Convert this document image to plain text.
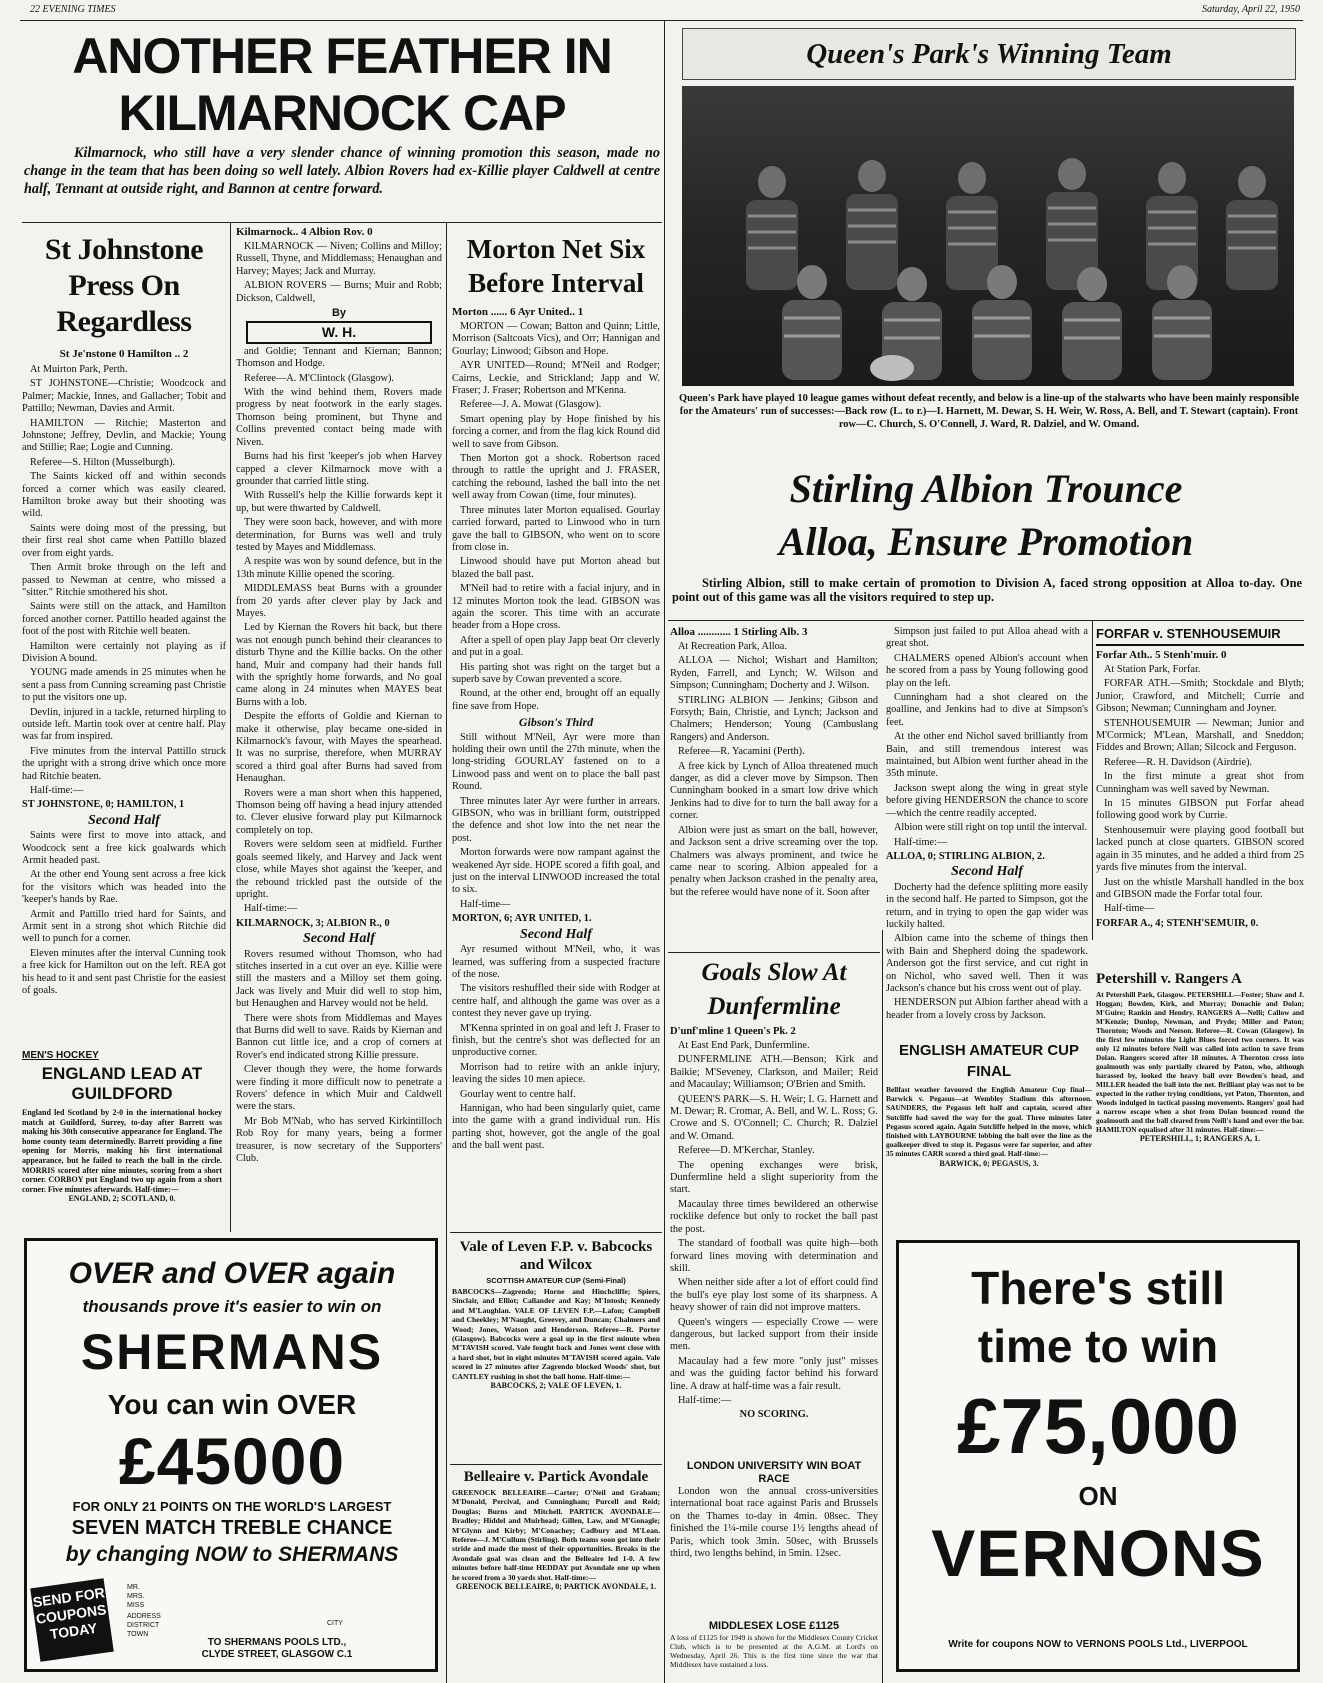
22 EVENING TIMES	Saturday, April 22, 1950
ANOTHER FEATHER IN
KILMARNOCK CAP
Kilmarnock, who still have a very slender chance of winning promotion this season, made no change in the team that has been doing so well lately. Albion Rovers had ex-Killie player Caldwell at centre half, Tennant at outside right, and Bannon at centre forward.
St Johnstone Press On Regardless
St Je'nstone 0 Hamilton .. 2

At Muirton Park, Perth.

ST JOHNSTONE—Christie; Woodcock and Palmer; Mackie, Innes, and Gallacher; Tobit and Pattillo; Newman, Davies and Armit.

HAMILTON — Ritchie; Masterton and Johnstone; Jeffrey, Devlin, and Mackie; Young and Stillie; Rae; Logie and Cunning.

Referee—S. Hilton (Musselburgh).

The Saints kicked off and within seconds forced a corner which was easily cleared. Hamilton broke away but their shooting was wild.

Saints were doing most of the pressing, but their first real shot came when Pattillo blazed over from eight yards.

Then Armit broke through on the left and passed to Newman at centre, who missed a "sitter." Ritchie smothered his shot.

Saints were still on the attack, and Hamilton forced another corner. Pattillo headed against the foot of the post with Ritchie well beaten.

Hamilton were certainly not playing as if Division A bound.

YOUNG made amends in 25 minutes when he sent a pass from Cunning screaming past Christie to put the visitors one up.

Devlin, injured in a tackle, returned hirpling to outside left. Martin took over at centre half. Play was far from inspired.

Five minutes from the interval Pattillo struck the upright with a strong drive which once more had Ritchie beaten.

Half-time:—

ST JOHNSTONE, 0; HAMILTON, 1

Second Half

Saints were first to move into attack, and Woodcock sent a free kick goalwards which Armit headed past.

At the other end Young sent across a free kick for the visitors which was headed into the 'keeper's hands by Rae.

Armit and Pattillo tried hard for Saints, and Armit sent in a strong shot which Ritchie did well to punch for a corner.

Eleven minutes after the interval Cunning took a free kick for Hamilton out on the left. REA got his head to it and sent past Christie for the easiest of goals.

MEN'S HOCKEY
ENGLAND LEAD AT GUILDFORD
England led Scotland by 2-0 in the international hockey match at Guildford, Surrey, to-day after Barrett was making his 30th consecutive appearance for England. The home county team determinedly. Barrett providing a fine opening for Morris, making his first international appearance, but he failed to reach the ball in the circle. MORRIS scored after nine minutes, scoring from a short corner. CORBOY put England two up again from a short corner. Five minutes afterwards. Half-time:—
ENGLAND, 2; SCOTLAND, 0.
Kilmarnock.. 4 Albion Rov. 0

KILMARNOCK — Niven; Collins and Milloy; Russell, Thyne, and Middlemass; Henaughan and Harvey; Mayes; Jack and Murray.

ALBION ROVERS — Burns; Muir and Robb; Dickson, Caldwell,

By
W. H.

and Goldie; Tennant and Kiernan; Bannon; Thomson and Hodge.

Referee—A. M'Clintock (Glasgow).

With the wind behind them, Rovers made progress by neat footwork in the early stages. Thomson being prominent, but Thyne and Collins prevented contact being made with Niven.

Burns had his first 'keeper's job when Harvey capped a clever Kilmarnock move with a grounder that carried little sting.

With Russell's help the Killie forwards kept it up, but were thwarted by Caldwell.

They were soon back, however, and with more determination, for Burns was well and truly tested by Mayes and Middlemass.

A respite was won by sound defence, but in the 13th minute Killie opened the scoring.

MIDDLEMASS beat Burns with a grounder from 20 yards after clever play by Jack and Mayes.

Led by Kiernan the Rovers hit back, but there was not enough punch behind their clearances to disturb Thyne and the Killie backs. On the other hand, Muir and company had their hands full with the sprightly home forwards, and No goal came along in 24 minutes when MAYES beat Burns with a lob.

Despite the efforts of Goldie and Kiernan to make it otherwise, play became one-sided in Kilmarnock's favour, with Mayes the spearhead. It was no surprise, therefore, when MURRAY scored a third goal after Burns had saved from Henaughan.

Rovers were a man short when this happened, Thomson being off having a head injury attended to. Clever elusive forward play put Kilmarnock completely on top.

Rovers were seldom seen at midfield. Further goals seemed likely, and Harvey and Jack went close, while Mayes shot against the 'keeper, and the rebound trickled past the outside of the upright.

Half-time:—

KILMARNOCK, 3; ALBION R., 0

Second Half

Rovers resumed without Thomson, who had stitches inserted in a cut over an eye. Killie were still the masters and a Milloy set them going. Jack was lively and Muir did well to stop him, but Henaughen and Harvey would not be held.

There were shots from Middlemas and Mayes that Burns did well to save. Raids by Kiernan and Bannon cut little ice, and a crop of corners at Rover's end indicated strong Killie pressure.

Clever though they were, the home forwards were finding it more difficult now to penetrate a Rovers' defence in which Muir and Caldwell were the stars.

Mr Bob M'Nab, who has served Kirkintilloch Rob Roy for many years, being a former treasurer, is now secretary of the Supporters' Club.

Morton Net Six Before Interval
Morton ...... 6 Ayr United.. 1

MORTON — Cowan; Batton and Quinn; Little, Morrison (Saltcoats Vics), and Orr; Hannigan and Gourlay; Linwood; Gibson and Hope.

AYR UNITED—Round; M'Neil and Rodger; Cairns, Leckie, and Strickland; Japp and W. Fraser; J. Fraser; Robertson and M'Kenna.

Referee—J. A. Mowat (Glasgow).

Smart opening play by Hope finished by his forcing a corner, and from the flag kick Round did well to save from Gibson.

Then Morton got a shock. Robertson raced through to rattle the upright and J. FRASER, catching the rebound, lashed the ball into the net well away from Cowan (time, four minutes).

Three minutes later Morton equalised. Gourlay carried forward, parted to Linwood who in turn gave the ball to GIBSON, who went on to score from close in.

Linwood should have put Morton ahead but blazed the ball past.

M'Neil had to retire with a facial injury, and in 12 minutes Morton took the lead. GIBSON was again the scorer. This time with an accurate header from a Hope cross.

After a spell of open play Japp beat Orr cleverly and put in a goal.

His parting shot was right on the target but a superb save by Cowan prevented a score.

Round, at the other end, brought off an equally fine save from Hope.

Gibson's Third

Still without M'Neil, Ayr were more than holding their own until the 27th minute, when the long-striding GOURLAY fastened on to a Linwood pass and went on to place the ball past Round.

Three minutes later Ayr were further in arrears. GIBSON, who was in brilliant form, outstripped the defence and shot low into the net near the post.

Morton forwards were now rampant against the weakened Ayr side. HOPE scored a fifth goal, and just on the interval LINWOOD increased the total to six.

Half-time—

MORTON, 6; AYR UNITED, 1.

Second Half

Ayr resumed without M'Neil, who, it was learned, was suffering from a suspected fracture of the nose.

The visitors reshuffled their side with Rodger at centre half, and although the game was over as a contest they never gave up trying.

M'Kenna sprinted in on goal and left J. Fraser to finish, but the centre's shot was deflected for an unproductive corner.

Morrison had to retire with an ankle injury, leaving the sides 10 men apiece.

Gourlay went to centre half.

Hannigan, who had been singularly quiet, came into the game with a grand individual run. His parting shot, however, got the angle of the goal and the ball went past.

Vale of Leven F.P. v. Babcocks and Wilcox
SCOTTISH AMATEUR CUP (Semi-Final)
BABCOCKS—Zagrendo; Horne and Hinchcliffe; Spiers, Sinclair, and Elliot; Callander and Kay; M'Intosh; Kennedy and M'Laughlan. VALE OF LEVEN F.P.—Lafon; Campbell and Cheekley; M'Naught, Greevey, and Duncan; Chalmers and Wood; Jones, Watson and Henderson. Referee—R. Porter (Glasgow). Babcocks were a goal up in the first minute when M'TAVISH scored. Vale fought back and Jones went close with a hard shot, but in eight minutes M'TAVISH scored again. Vale scored in 27 minutes after Zagrendo blocked Woods' shot, but CANTLEY rushing in shot the ball home. Half-time:—
BABCOCKS, 2; VALE OF LEVEN, 1.
Belleaire v. Partick Avondale
GREENOCK BELLEAIRE—Carter; O'Neil and Graham; M'Donald, Percival, and Cunningham; Purcell and Reid; Douglas; Burns and Mitchell. PARTICK AVONDALE—Bradley; Hiddel and Muirhead; Gillen, Law, and M'Gonagle; M'Glynn and Kirby; M'Conachey; Cadbury and M'Lean. Referee—J. M'Cullum (Stirling). Both teams soon got into their stride and made the most of their opportunities. Breaks in the Avondale goal was clean and the Belleaire led 1-0. A few minutes before half-time HEDDAY put Avondale one up when he scored from a 30 yards shot. Half-time:—
GREENOCK BELLEAIRE, 0; PARTICK AVONDALE, 1.
OVER and OVER again
thousands prove it's easier to win on
SHERMANS
You can win OVER
£45000
FOR ONLY 21 POINTS ON THE WORLD'S LARGEST
SEVEN MATCH TREBLE CHANCE
by changing NOW to SHERMANS
SEND FOR COUPONS TODAY
MR.
MRS.
MISS
ADDRESS
DISTRICT
TOWN
CITY
TO SHERMANS POOLS LTD.,
CLYDE STREET, GLASGOW C.1
Queen's Park's Winning Team
Queen's Park have played 10 league games without defeat recently, and below is a line-up of the stalwarts who have been mainly responsible for the Amateurs' run of successes:—Back row (L. to r.)—I. Harnett, M. Dewar, S. H. Weir, W. Ross, A. Bell, and T. Stewart (captain). Front row—C. Church, S. O'Connell, J. Ward, R. Dalziel, and W. Omand.
Stirling Albion Trounce
Alloa, Ensure Promotion
Stirling Albion, still to make certain of promotion to Division A, faced strong opposition at Alloa to-day. One point out of this game was all the visitors required to step up.
Alloa ............ 1 Stirling Alb. 3

At Recreation Park, Alloa.

ALLOA — Nichol; Wishart and Hamilton; Ryden, Farrell, and Lynch; W. Wilson and Simpson; Cunningham; Docherty and J. Wilson.

STIRLING ALBION — Jenkins; Gibson and Forsyth; Bain, Christie, and Lynch; Jackson and Chalmers; Henderson; Young (Cambuslang Rangers) and Anderson.

Referee—R. Yacamini (Perth).

A free kick by Lynch of Alloa threatened much danger, as did a clever move by Simpson. Then Cunningham booked in a smart low drive which Jenkins had to dive for to turn the ball away for a corner.

Albion were just as smart on the ball, however, and Jackson sent a drive screaming over the top. Chalmers was always prominent, and twice he came near to scoring. Albion appealed for a penalty when Jackson crashed in the penalty area, but the referee would have none of it. Soon after

Simpson just failed to put Alloa ahead with a great shot.

CHALMERS opened Albion's account when he scored from a pass by Young following good play on the left.

Cunningham had a shot cleared on the goalline, and Jenkins had to dive at Simpson's feet.

At the other end Nichol saved brilliantly from Bain, and still tremendous interest was maintained, but Albion went further ahead in the 35th minute.

Jackson swept along the wing in great style before giving HENDERSON the chance to score—which the centre readily accepted.

Albion were still right on top until the interval.

Half-time:—

ALLOA, 0; STIRLING ALBION, 2.

Second Half

Docherty had the defence splitting more easily in the second half. He parted to Simpson, got the return, and in trying to open the gap wider was luckily halted.

Albion came into the scheme of things then with Bain and Shepherd doing the spadework. Anderson got the first service, and cut right in on Nichol, who saved well. Then it was Jackson's chance but his cross went out of play.

HENDERSON put Albion farther ahead with a header from a lovely cross by Jackson.

Goals Slow At Dunfermline
D'unf'mline 1 Queen's Pk. 2

At East End Park, Dunfermline.

DUNFERMLINE ATH.—Benson; Kirk and Baikie; M'Seveney, Clarkson, and Mailer; Reid and Macaulay; Williamson; O'Brien and Smith.

QUEEN'S PARK—S. H. Weir; I. G. Harnett and M. Dewar; R. Cromar, A. Bell, and W. L. Ross; G. Crowe and S. O'Connell; C. Church; R. Dalziel and W. Omand.

Referee—D. M'Kerchar, Stanley.

The opening exchanges were brisk, Dunfermline held a slight superiority from the start.

Macaulay three times bewildered an otherwise rocklike defence but only to rocket the ball past the post.

The standard of football was quite high—both forward lines moving with determination and skill.

When neither side after a lot of effort could find the bull's eye play lost some of its sharpness. A heavy shower of rain did not improve matters.

Queen's wingers — especially Crowe — were dangerous, but lacked support from their inside men.

Macaulay had a few more "only just" misses and was the guiding factor behind his forward line. A draw at half-time was a fair result.

Half-time:—

NO SCORING.

LONDON UNIVERSITY WIN BOAT RACE
London won the annual cross-universities international boat race against Paris and Brussels on the Thames to-day in 4min. 08sec. They finished the 1¼-mile course 1½ lengths ahead of Paris, which took 3min. 50sec, with Brussels third, two lengths behind, in 5min. 12sec.
MIDDLESEX LOSE £1125
A loss of £1125 for 1949 is shown for the Middlesex County Cricket Club, which is to be presented at the A.G.M. at Lord's on Wednesday, April 26. This is the first time since the war that Middlesex have sustained a loss.
ENGLISH AMATEUR CUP FINAL
Bellfast weather favoured the English Amateur Cup final—Barwick v. Pegasus—at Wembley Stadium this afternoon. SAUNDERS, the Pegasus left half and captain, scored after Sutcliffe had saved the way for the goal. Three minutes later Pegasus scored again. Again Sutcliffe helped in the move, which finished with LAYBOURNE lobbing the ball over the line as the goalkeeper dived to stop it. Pegasus were far superior, and after 35 minutes CARR scored a third goal. Half-time:—
BARWICK, 0; PEGASUS, 3.
FORFAR v. STENHOUSEMUIR
Forfar Ath.. 5 Stenh'muir. 0

At Station Park, Forfar.

FORFAR ATH.—Smith; Stockdale and Blyth; Junior, Crawford, and Mitchell; Currie and Gibson; Newman; Cunningham and Joyner.

STENHOUSEMUIR — Newman; Junior and M'Cormick; M'Lean, Marshall, and Sneddon; Fiddes and Brown; Allan; Silcock and Ferguson.

Referee—R. H. Davidson (Airdrie).

In the first minute a great shot from Cunningham was well saved by Newman.

In 15 minutes GIBSON put Forfar ahead following good work by Currie.

Stenhousemuir were playing good football but lacked punch at close quarters. GIBSON scored again in 35 minutes, and he added a third from 25 yards five minutes from the interval.

Just on the whistle Marshall handled in the box and GIBSON made the Forfar total four.

Half-time—

FORFAR A., 4; STENH'SEMUIR, 0.

Petershill v. Rangers A
At Petershill Park, Glasgow. PETERSHILL—Foster; Shaw and J. Hoggan; Bowden, Kirk, and Murray; Donachie and Dolan; M'Guire; Rankin and Hendry. RANGERS A—Nelli; Callow and M'Kenzie; Dunlop, Newman, and Pryde; Miller and Paton; Thornton; Woods and Neeson. Referee—R. Cowan (Glasgow). In the first few minutes the Light Blues forced two corners. It was only 12 minutes before Neill was called into action to save from Dolan. Rangers scored after 18 minutes. A Thornton cross into goalmouth was only partially cleared by Paton, who, although harassed by, looked the heavy ball over Bowden's head, and MILLER headed the ball into the net. Brilliant play was not to be expected in the rather trying conditions, yet Paton, Thornton, and Woods indulged in tactical passing movements. Rangers' goal had a narrow escape when a shot from Dolan bounced round the goalmouth and the ball cleared from Neill's hand and over the bar. HAMILTON equalised after 31 minutes. Half-time:—
PETERSHILL, 1; RANGERS A, 1.
There's still
time to win
£75,000
ON
VERNONS
Write for coupons NOW to VERNONS POOLS Ltd., LIVERPOOL
